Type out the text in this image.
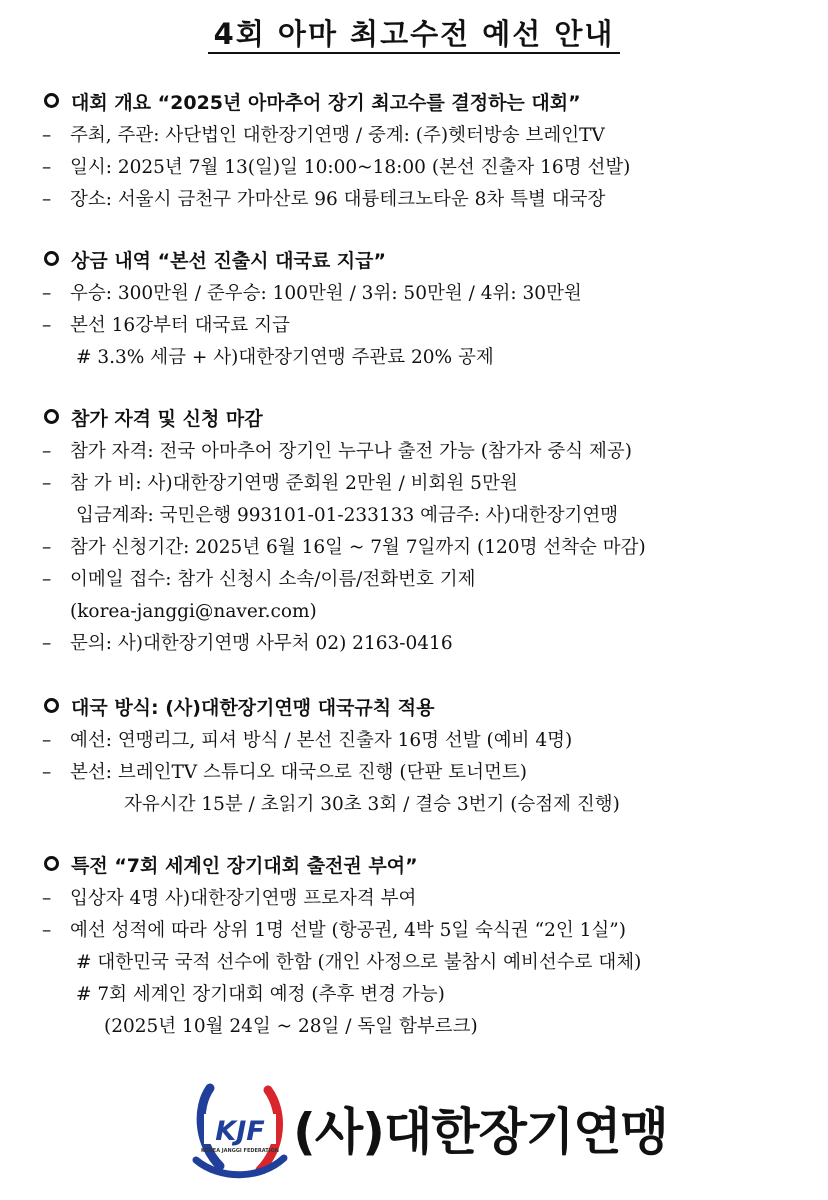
4회 아마 최고수전 예선 안내
대회 개요 “2025년 아마추어 장기 최고수를 결정하는 대회”
– 주최, 주관: 사단법인 대한장기연맹 / 중계: (주)헷터방송 브레인TV
– 일시: 2025년 7월 13(일)일 10:00~18:00 (본선 진출자 16명 선발)
– 장소: 서울시 금천구 가마산로 96 대륭테크노타운 8차 특별 대국장
상금 내역 “본선 진출시 대국료 지급”
– 우승: 300만원 / 준우승: 100만원 / 3위: 50만원 / 4위: 30만원
– 본선 16강부터 대국료 지급
# 3.3% 세금 + 사)대한장기연맹 주관료 20% 공제
참가 자격 및 신청 마감
– 참가 자격: 전국 아마추어 장기인 누구나 출전 가능 (참가자 중식 제공)
– 참 가 비: 사)대한장기연맹 준회원 2만원 / 비회원 5만원
입금계좌: 국민은행 993101-01-233133 예금주: 사)대한장기연맹
– 참가 신청기간: 2025년 6월 16일 ~ 7월 7일까지 (120명 선착순 마감)
– 이메일 접수: 참가 신청시 소속/이름/전화번호 기제
(korea-janggi@naver.com)
– 문의: 사)대한장기연맹 사무처 02) 2163-0416
대국 방식: (사)대한장기연맹 대국규칙 적용
– 예선: 연맹리그, 피셔 방식 / 본선 진출자 16명 선발 (예비 4명)
– 본선: 브레인TV 스튜디오 대국으로 진행 (단판 토너먼트)
자유시간 15분 / 초읽기 30초 3회 / 결승 3번기 (승점제 진행)
특전 “7회 세계인 장기대회 출전권 부여”
– 입상자 4명 사)대한장기연맹 프로자격 부여
– 예선 성적에 따라 상위 1명 선발 (항공권, 4박 5일 숙식권 “2인 1실”)
# 대한민국 국적 선수에 한함 (개인 사정으로 불참시 예비선수로 대체)
# 7회 세계인 장기대회 예정 (추후 변경 가능)
(2025년 10월 24일 ~ 28일 / 독일 함부르크)
KJF
KOREA JANGGI FEDERATION (사)대한장기연맹
